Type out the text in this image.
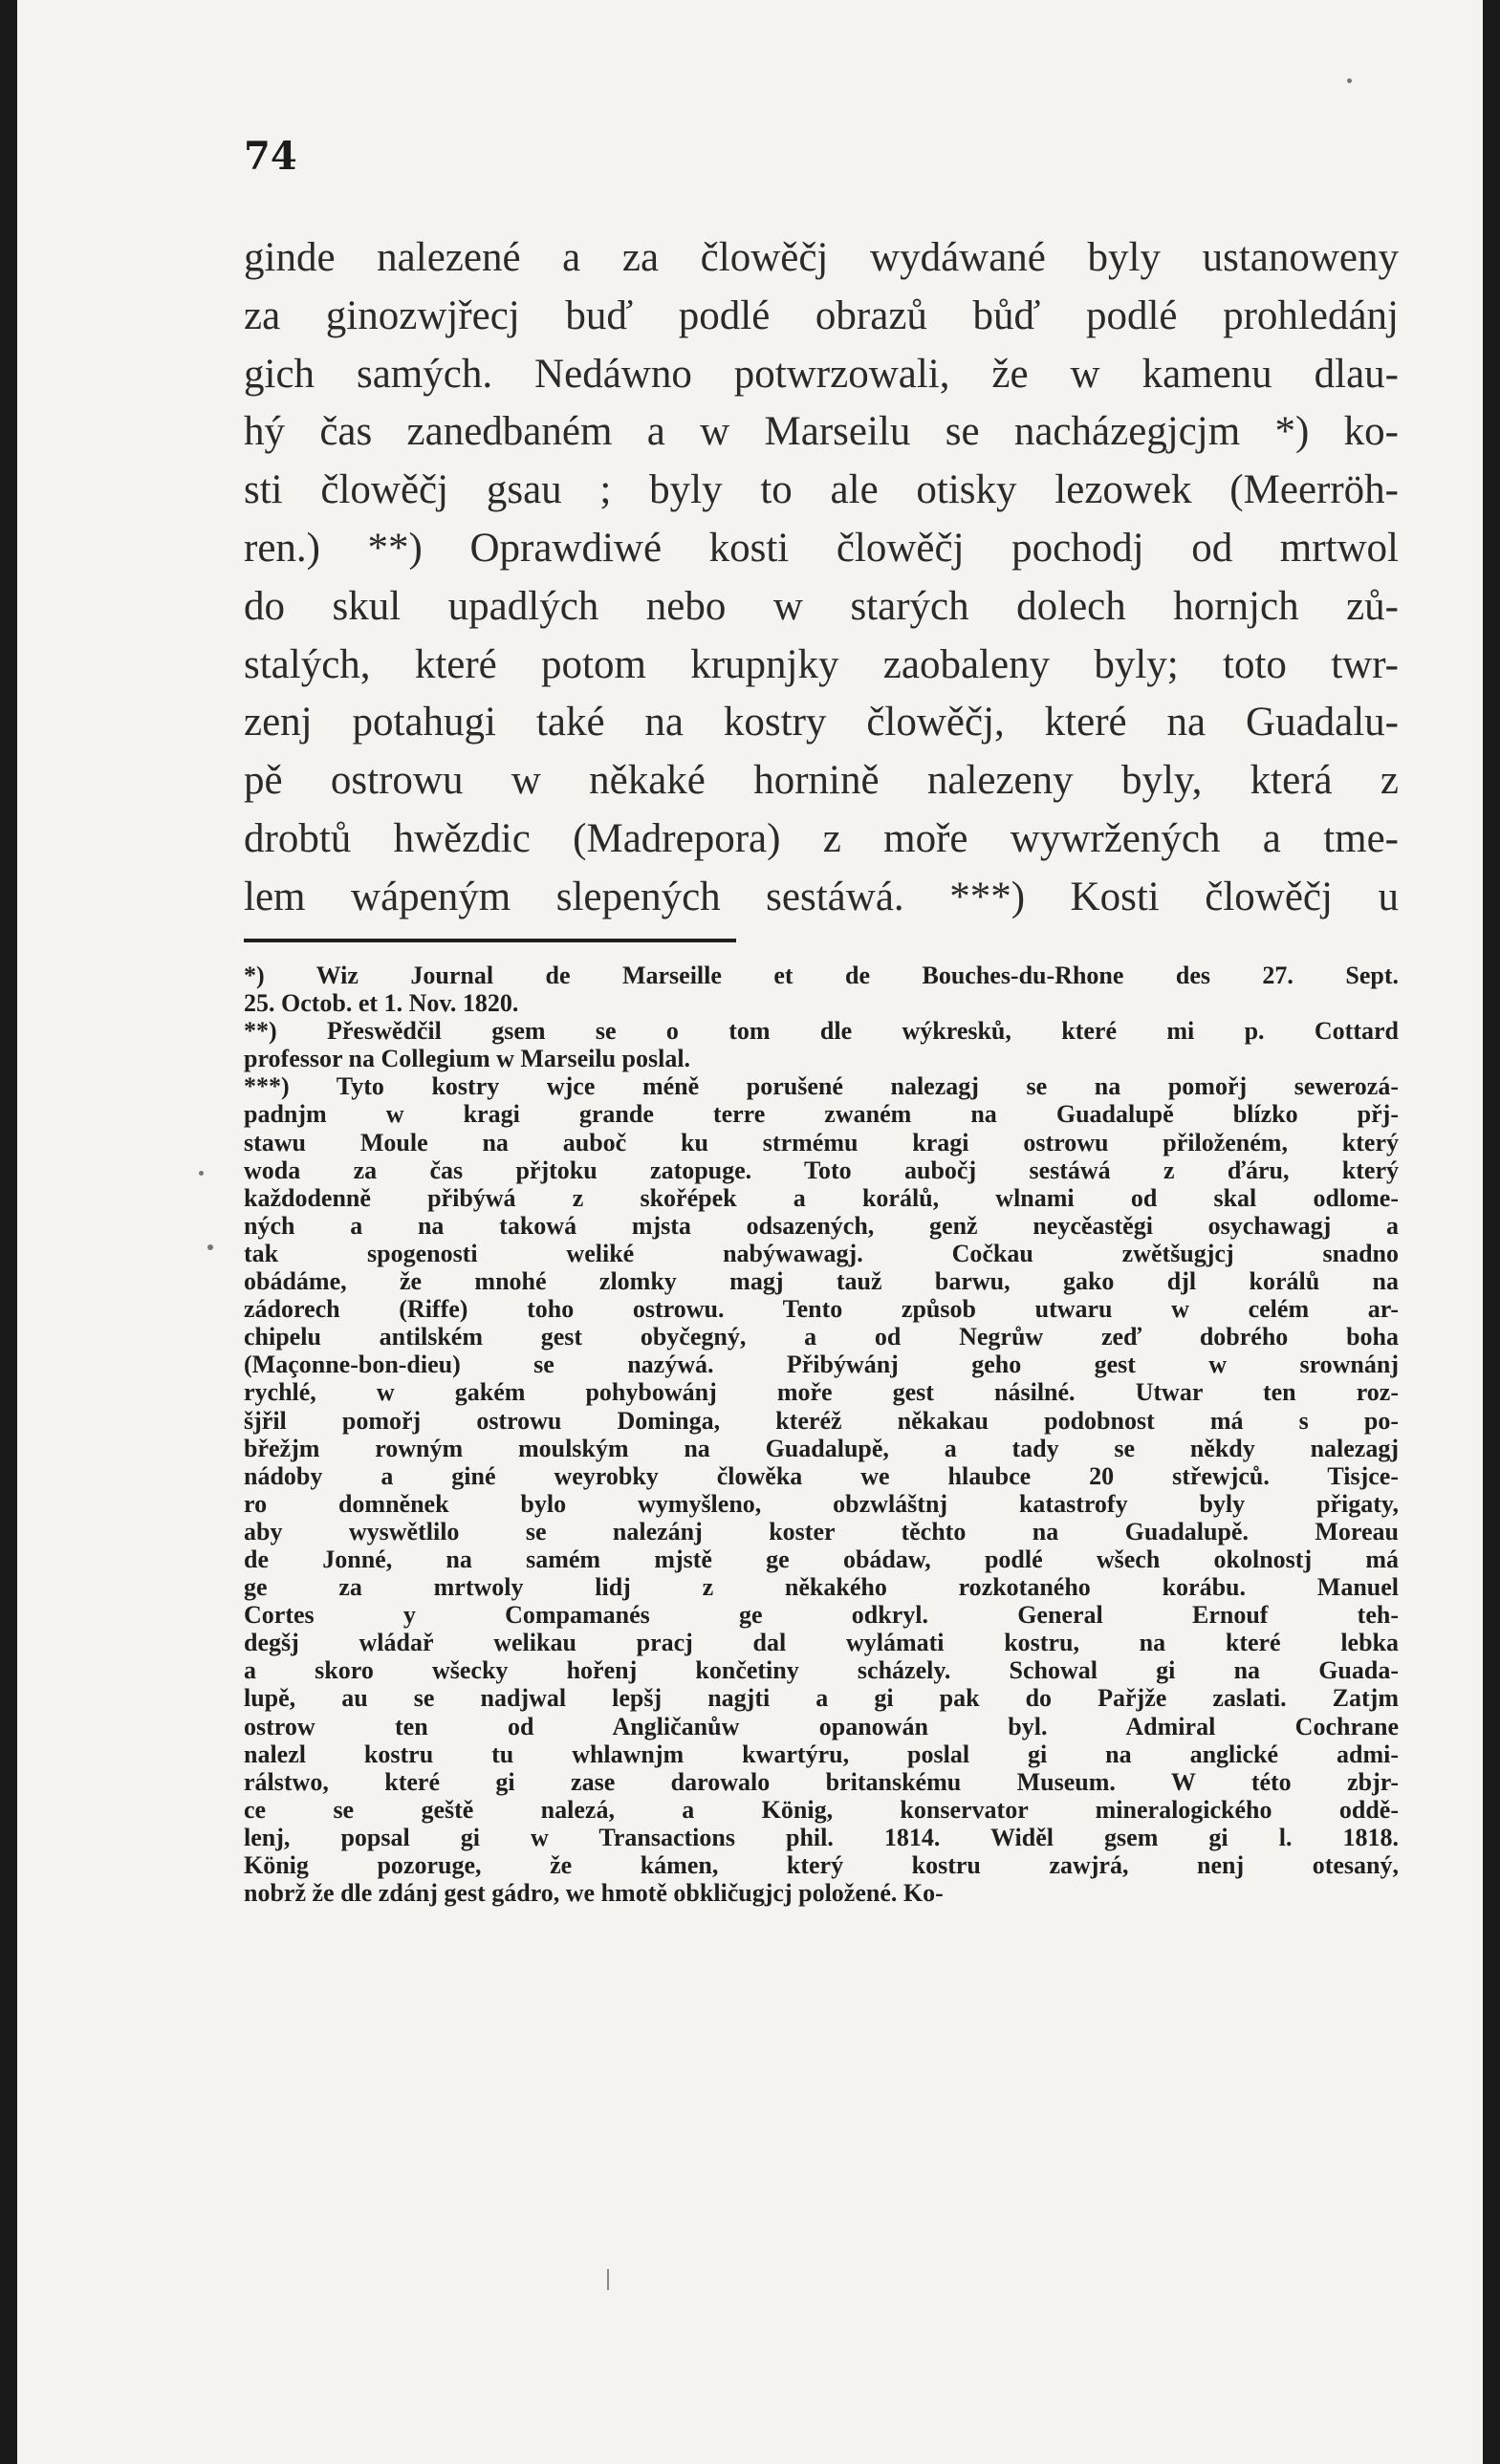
74
ginde nalezené a za člowěčj wydáwané byly ustanoweny
za ginozwjřecj buď podlé obrazů bůď podlé prohledánj
gich samých. Nedáwno potwrzowali, že w kamenu dlau-
hý čas zanedbaném a w Marseilu se nacházegjcjm *) ko-
sti člowěčj gsau ; byly to ale otisky lezowek (Meerröh-
ren.) **) Oprawdiwé kosti člowěčj pochodj od mrtwol
do skul upadlých nebo w starých dolech hornjch zů-
stalých, které potom krupnjky zaobaleny byly; toto twr-
zenj potahugi také na kostry člowěčj, které na Guadalu-
pě ostrowu w někaké hornině nalezeny byly, která z
drobtů hwězdic (Madrepora) z moře wywržených a tme-
lem wápeným slepených sestáwá. ***) Kosti člowěčj u
*) Wiz Journal de Marseille et de Bouches-du-Rhone des 27. Sept.
25. Octob. et 1. Nov. 1820.
**) Přeswědčil gsem se o tom dle wýkresků, které mi p. Cottard
professor na Collegium w Marseilu poslal.
***) Tyto kostry wjce méně porušené nalezagj se na pomořj sewerozá-
padnjm w kragi grande terre zwaném na Guadalupě blízko přj-
stawu Moule na auboč ku strmému kragi ostrowu přiloženém, který
woda za čas přjtoku zatopuge. Toto aubočj sestáwá z ďáru, který
každodenně přibýwá z skořépek a korálů, wlnami od skal odlome-
ných a na takowá mjsta odsazených, genž neycěastěgi osychawagj a
tak spogenosti weliké nabýwawagj. Cočkau zwětšugjcj snadno
obádáme, že mnohé zlomky magj tauž barwu, gako djl korálů na
zádorech (Riffe) toho ostrowu. Tento způsob utwaru w celém ar-
chipelu antilském gest obyčegný, a od Negrůw zeď dobrého boha
(Maçonne-bon-dieu) se nazýwá. Přibýwánj geho gest w srownánj
rychlé, w gakém pohybowánj moře gest násilné. Utwar ten roz-
šjřil pomořj ostrowu Dominga, kteréž někakau podobnost má s po-
břežjm rowným moulským na Guadalupě, a tady se někdy nalezagj
nádoby a giné weyrobky člowěka we hlaubce 20 střewjců. Tisjce-
ro domněnek bylo wymyšleno, obzwláštnj katastrofy byly přigaty,
aby wyswětlilo se nalezánj koster těchto na Guadalupě. Moreau
de Jonné, na samém mjstě ge obádaw, podlé wšech okolnostj má
ge za mrtwoly lidj z někakého rozkotaného korábu. Manuel
Cortes y Compamanés ge odkryl. General Ernouf teh-
degšj wládař welikau pracj dal wylámati kostru, na které lebka
a skoro wšecky hořenj končetiny scházely. Schowal gi na Guada-
lupě, au se nadjwal lepšj nagjti a gi pak do Pařjže zaslati. Zatjm
ostrow ten od Angličanůw opanowán byl. Admiral Cochrane
nalezl kostru tu whlawnjm kwartýru, poslal gi na anglické admi-
rálstwo, které gi zase darowalo britanskému Museum. W této zbjr-
ce se geště nalezá, a König, konservator mineralogického oddě-
lenj, popsal gi w Transactions phil. 1814. Widěl gsem gi l. 1818.
König pozoruge, že kámen, který kostru zawjrá, nenj otesaný,
nobrž že dle zdánj gest gádro, we hmotě obkličugjcj položené. Ko-
